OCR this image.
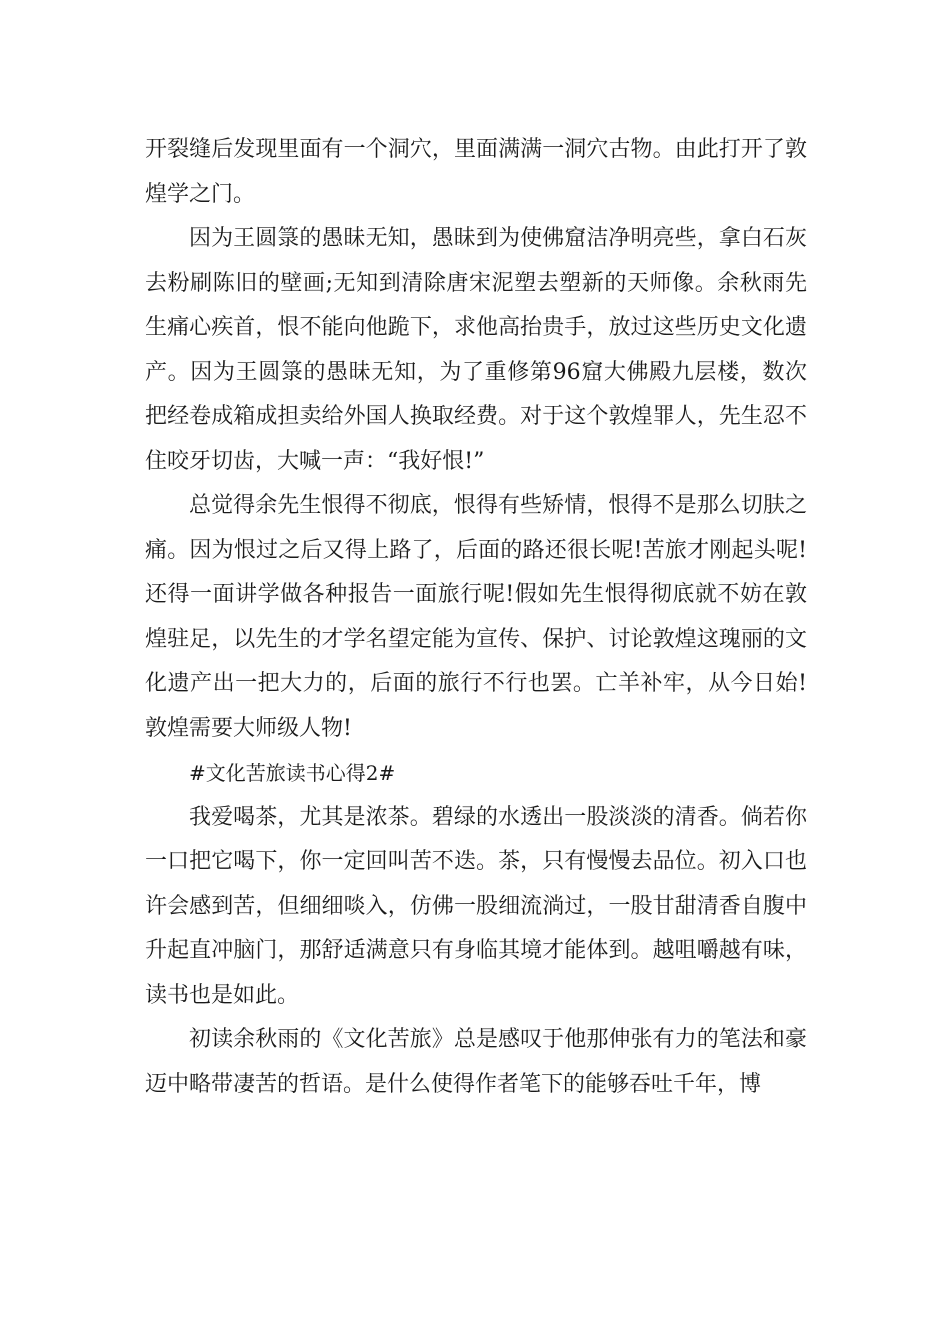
开裂缝后发现里面有一个洞穴，里面满满一洞穴古物。由此打开了敦煌学之门。

因为王圆箓的愚昧无知，愚昧到为使佛窟洁净明亮些，拿白石灰去粉刷陈旧的壁画;无知到清除唐宋泥塑去塑新的天师像。余秋雨先生痛心疾首，恨不能向他跪下，求他高抬贵手，放过这些历史文化遗产。因为王圆箓的愚昧无知，为了重修第96窟大佛殿九层楼，数次把经卷成箱成担卖给外国人换取经费。对于这个敦煌罪人，先生忍不住咬牙切齿，大喊一声：“我好恨!”

总觉得余先生恨得不彻底，恨得有些矫情，恨得不是那么切肤之痛。因为恨过之后又得上路了，后面的路还很长呢!苦旅才刚起头呢!还得一面讲学做各种报告一面旅行呢!假如先生恨得彻底就不妨在敦煌驻足，以先生的才学名望定能为宣传、保护、讨论敦煌这瑰丽的文化遗产出一把大力的，后面的旅行不行也罢。亡羊补牢，从今日始!敦煌需要大师级人物!

#文化苦旅读书心得2#

我爱喝茶，尤其是浓茶。碧绿的水透出一股淡淡的清香。倘若你一口把它喝下，你一定回叫苦不迭。茶，只有慢慢去品位。初入口也许会感到苦，但细细啖入，仿佛一股细流淌过，一股甘甜清香自腹中升起直冲脑门，那舒适满意只有身临其境才能体到。越咀嚼越有味，读书也是如此。

初读余秋雨的《文化苦旅》总是感叹于他那伸张有力的笔法和豪迈中略带凄苦的哲语。是什么使得作者笔下的能够吞吐千年，博
